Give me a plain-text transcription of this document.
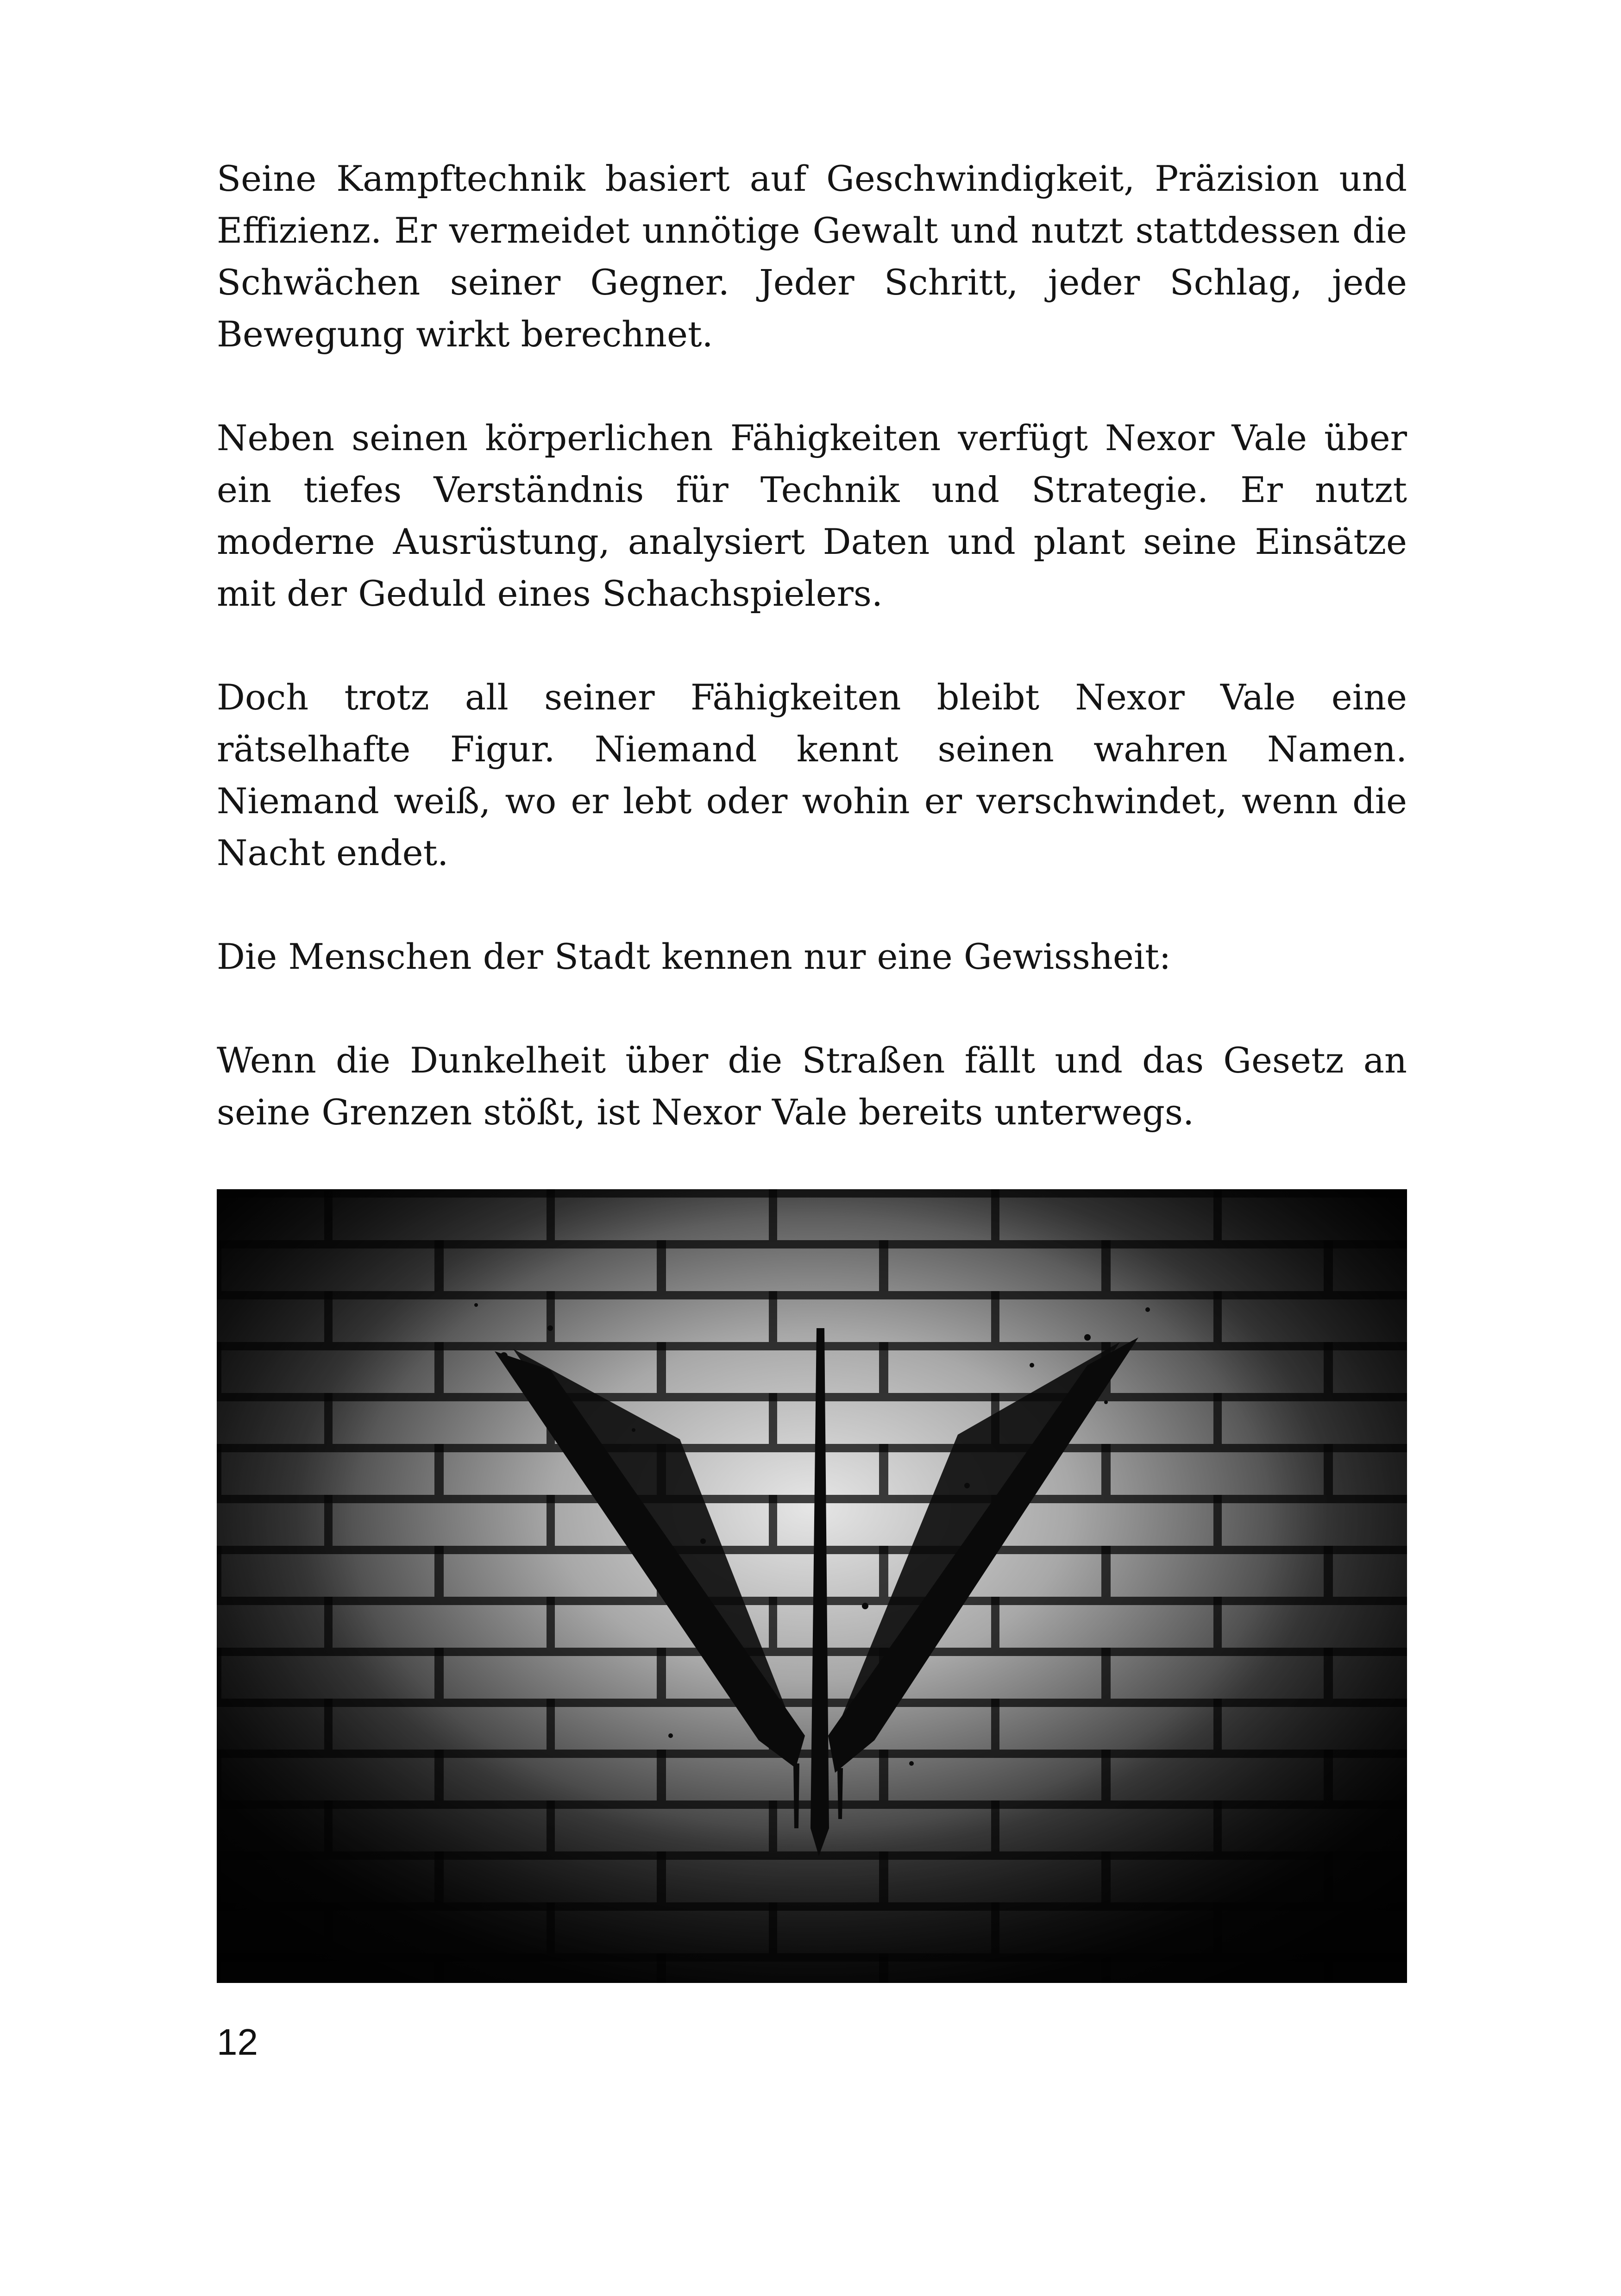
Seine Kampftechnik basiert auf Geschwindigkeit, Präzision und Effizienz. Er vermeidet unnötige Gewalt und nutzt stattdessen die Schwächen seiner Gegner. Jeder Schritt, jeder Schlag, jede Bewegung wirkt berechnet.

Neben seinen körperlichen Fähigkeiten verfügt Nexor Vale über ein tiefes Verständnis für Technik und Strategie. Er nutzt moderne Ausrüstung, analysiert Daten und plant seine Einsätze mit der Geduld eines Schachspielers.

Doch trotz all seiner Fähigkeiten bleibt Nexor Vale eine rätselhafte Figur. Niemand kennt seinen wahren Namen. Niemand weiß, wo er lebt oder wohin er verschwindet, wenn die Nacht endet.

Die Menschen der Stadt kennen nur eine Gewissheit:

Wenn die Dunkelheit über die Straßen fällt und das Gesetz an seine Grenzen stößt, ist Nexor Vale bereits unterwegs.

12
